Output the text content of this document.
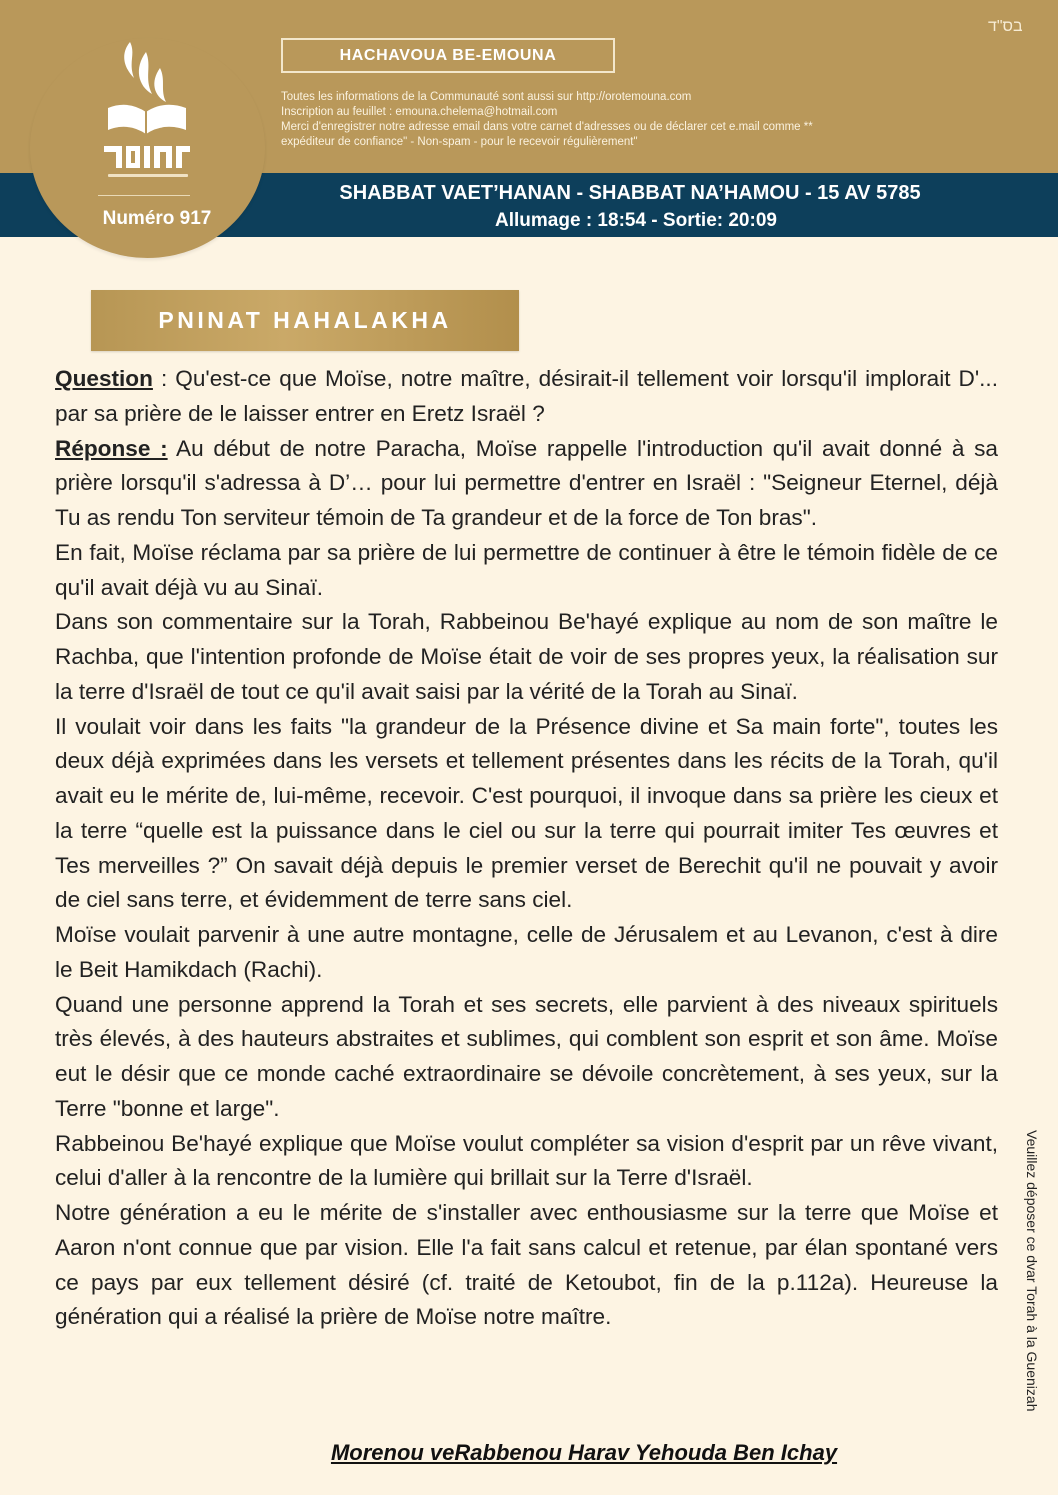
Numéro 917
בס"ד
HACHAVOUA BE-EMOUNA
Toutes les informations de la Communauté sont aussi sur http://orotemouna.com
Inscription au feuillet : emouna.chelema@hotmail.com
Merci d'enregistrer notre adresse email dans votre carnet d'adresses ou de déclarer cet e.mail comme **
expéditeur de confiance" - Non-spam - pour le recevoir régulièrement"
SHABBAT VAET’HANAN - SHABBAT NA’HAMOU - 15 AV 5785
Allumage : 18:54 - Sortie: 20:09
PNINAT HAHALAKHA

Question : Qu'est-ce que Moïse, notre maître, désirait-il tellement voir lorsqu'il implorait D'... par sa prière de le laisser entrer en Eretz Israël ?

Réponse : Au début de notre Paracha, Moïse rappelle l'introduction qu'il avait donné à sa prière lorsqu'il s'adressa à D’… pour lui permettre d'entrer en Israël : "Seigneur Eternel, déjà Tu as rendu Ton serviteur témoin de Ta grandeur et de la force de Ton bras".

En fait, Moïse réclama par sa prière de lui permettre de continuer à être le témoin fidèle de ce qu'il avait déjà vu au Sinaï.

Dans son commentaire sur la Torah, Rabbeinou Be'hayé explique au nom de son maître le Rachba, que l'intention profonde de Moïse était de voir de ses propres yeux, la réalisation sur la terre d'Israël de tout ce qu'il avait saisi par la vérité de la Torah au Sinaï.

Il voulait voir dans les faits "la grandeur de la Présence divine et Sa main forte", toutes les deux déjà exprimées dans les versets et tellement présentes dans les récits de la Torah, qu'il avait eu le mérite de, lui-même, recevoir. C'est pourquoi, il invoque dans sa prière les cieux et la terre “quelle est la puissance dans le ciel ou sur la terre qui pourrait imiter Tes œuvres et Tes merveilles ?” On savait déjà depuis le premier verset de Berechit qu'il ne pouvait y avoir de ciel sans terre, et évidemment de terre sans ciel.

Moïse voulait parvenir à une autre montagne, celle de Jérusalem et au Levanon, c'est à dire le Beit Hamikdach (Rachi).

Quand une personne apprend la Torah et ses secrets, elle parvient à des niveaux spirituels très élevés, à des hauteurs abstraites et sublimes, qui comblent son esprit et son âme. Moïse eut le désir que ce monde caché extraordinaire se dévoile concrètement, à ses yeux, sur la Terre "bonne et large".

Rabbeinou Be'hayé explique que Moïse voulut compléter sa vision d'esprit par un rêve vivant, celui d'aller à la rencontre de la lumière qui brillait sur la Terre d'Israël.

Notre génération a eu le mérite de s'installer avec enthousiasme sur la terre que Moïse et Aaron n'ont connue que par vision. Elle l'a fait sans calcul et retenue, par élan spontané vers ce pays par eux tellement désiré (cf. traité de Ketoubot, fin de la p.112a). Heureuse la génération qui a réalisé la prière de Moïse notre maître.

Morenou veRabbenou Harav Yehouda Ben Ichay
Veuillez déposer ce dvar Torah à la Guenizah
